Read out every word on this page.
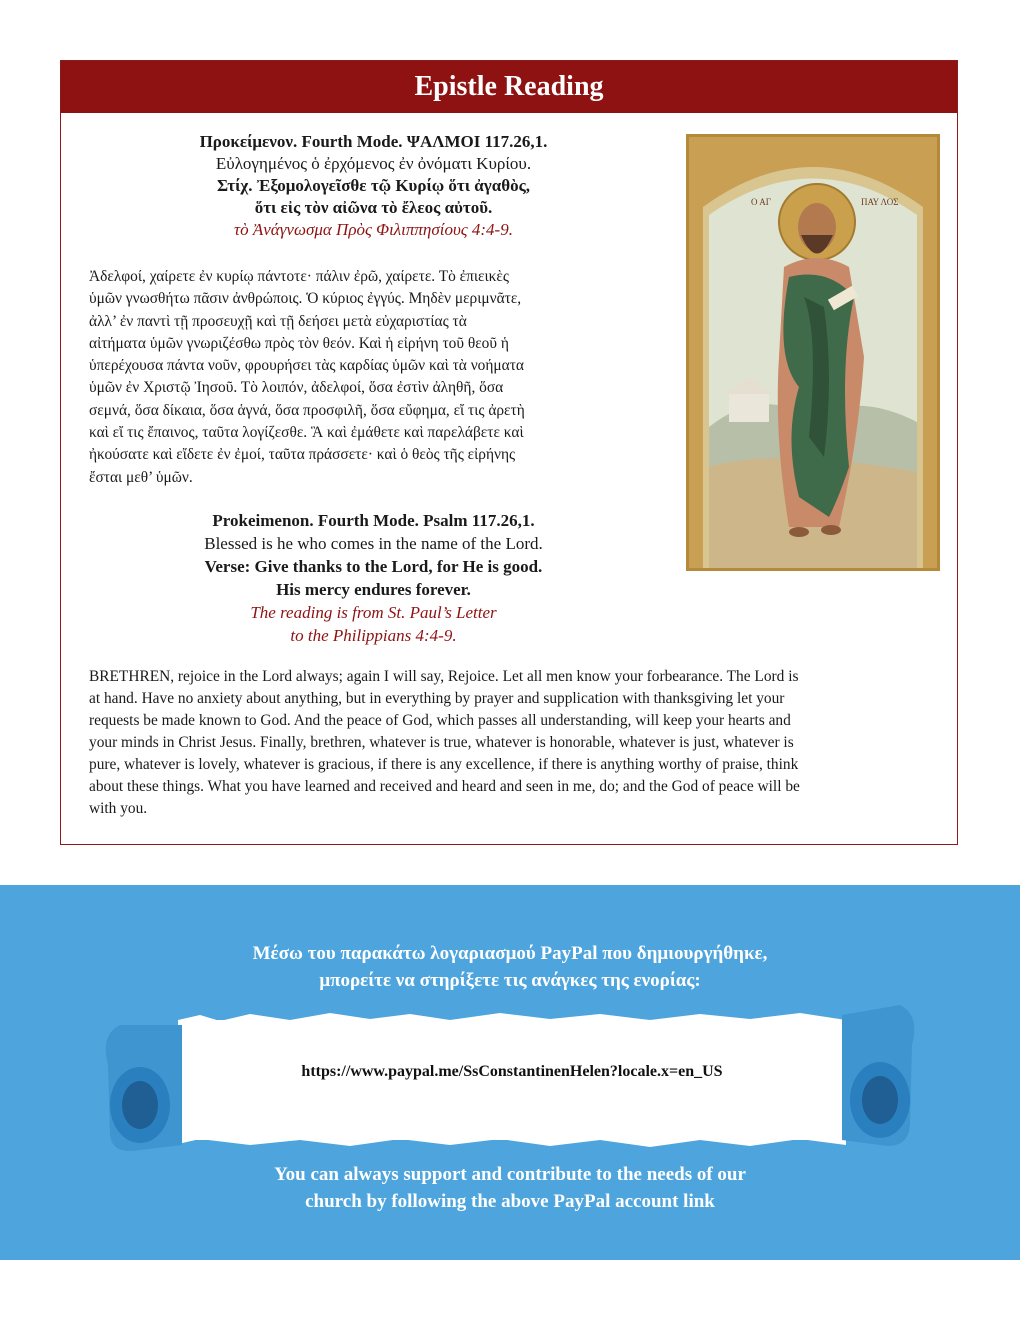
Epistle Reading
Προκείμενον. Fourth Mode. ΨΑΛΜΟΙ 117.26,1.
Εὐλογημένος ὁ ἐρχόμενος ἐν ὀνόματι Κυρίου.
Στίχ. Ἐξομολογεῖσθε τῷ Κυρίῳ ὅτι ἀγαθὸς,
ὅτι εἰς τὸν αἰῶνα τὸ ἔλεος αὐτοῦ.
τὸ Ἀνάγνωσμα Πρὸς Φιλιππησίους 4:4-9.
Ἀδελφοί, χαίρετε ἐν κυρίῳ πάντοτε· πάλιν ἐρῶ, χαίρετε. Τὸ ἐπιεικὲς
ὑμῶν γνωσθήτω πᾶσιν ἀνθρώποις. Ὁ κύριος ἐγγύς. Μηδὲν μεριμνᾶτε,
ἀλλ’ ἐν παντὶ τῇ προσευχῇ καὶ τῇ δεήσει μετὰ εὐχαριστίας τὰ
αἰτήματα ὑμῶν γνωριζέσθω πρὸς τὸν θεόν. Καὶ ἡ εἰρήνη τοῦ θεοῦ ἡ
ὑπερέχουσα πάντα νοῦν, φρουρήσει τὰς καρδίας ὑμῶν καὶ τὰ νοήματα
ὑμῶν ἐν Χριστῷ Ἰησοῦ. Τὸ λοιπόν, ἀδελφοί, ὅσα ἐστὶν ἀληθῆ, ὅσα
σεμνά, ὅσα δίκαια, ὅσα ἁγνά, ὅσα προσφιλῆ, ὅσα εὔφημα, εἴ τις ἀρετὴ
καὶ εἴ τις ἔπαινος, ταῦτα λογίζεσθε. Ἃ καὶ ἐμάθετε καὶ παρελάβετε καὶ
ἠκούσατε καὶ εἴδετε ἐν ἐμοί, ταῦτα πράσσετε· καὶ ὁ θεὸς τῆς εἰρήνης
ἔσται μεθ’ ὑμῶν.
Prokeimenon. Fourth Mode. Psalm 117.26,1.
Blessed is he who comes in the name of the Lord.
Verse: Give thanks to the Lord, for He is good.
His mercy endures forever.
The reading is from St. Paul’s Letter
to the Philippians 4:4-9.
BRETHREN, rejoice in the Lord always; again I will say, Rejoice. Let all men know your forbearance. The Lord is
at hand. Have no anxiety about anything, but in everything by prayer and supplication with thanksgiving let your
requests be made known to God. And the peace of God, which passes all understanding, will keep your hearts and
your minds in Christ Jesus. Finally, brethren, whatever is true, whatever is honorable, whatever is just, whatever is
pure, whatever is lovely, whatever is gracious, if there is any excellence, if there is anything worthy of praise, think
about these things. What you have learned and received and heard and seen in me, do; and the God of peace will be
with you.
Ο ΑΓ	ΠΑΥ ΛΟΣ
Μέσω του παρακάτω λογαριασμού PayPal που δημιουργήθηκε,
μπορείτε να στηρίξετε τις ανάγκες της ενορίας:
https://www.paypal.me/SsConstantinenHelen?locale.x=en_US
You can always support and contribute to the needs of our
church by following the above PayPal account link
